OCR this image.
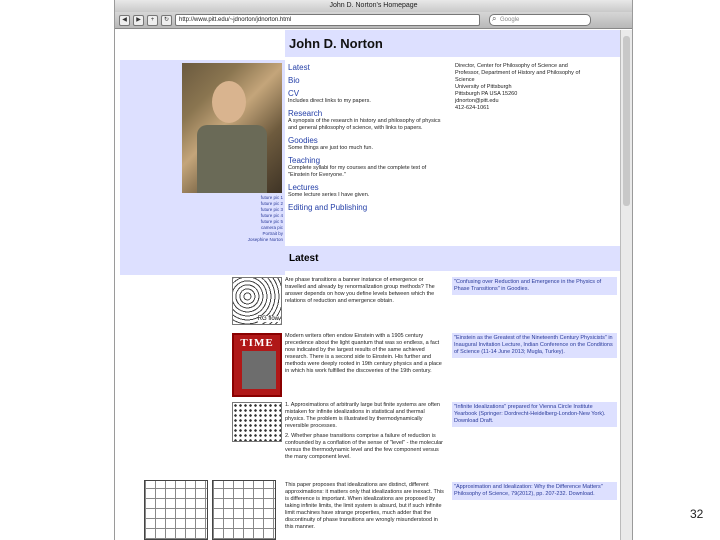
John D. Norton's Homepage
◀	▶	+	↻	http://www.pitt.edu/~jdnorton/jdnorton.html
⌕	Google
John D. Norton
future pic 1
future pic 2
future pic 3
future pic 4
future pic 5
camera pic
Portrait by
Josephine Norton
Latest
Bio
CV
Includes direct links to my papers.
Research
A synopsis of the research in history and philosophy of physics and general philosophy of science, with links to papers.
Goodies
Some things are just too much fun.
Teaching
Complete syllabi for my courses and the complete text of "Einstein for Everyone."
Lectures
Some lecture series I have given.
Editing and Publishing
Director, Center for Philosophy of Science and
Professor, Department of History and Philosophy of
Science
University of Pittsburgh
Pittsburgh PA USA 15260
jdnorton@pitt.edu
412-624-1061
Latest
RG flow
Are phase transitions a banner instance of emergence or travelled and already by renormalization group methods? The answer depends on how you define levels between which the relations of reduction and emergence obtain.
"Confusing over Reduction and Emergence in the Physics of Phase Transitions" in Goodies.
TIME
Modern writers often endow Einstein with a 1905 century precedence about the light quantum that was so endless, a fact now indicated by the largest results of the same achieved research. There is a second side to Einstein. His further and methods were deeply rooted in 19th century physics and a place in which his work fulfilled the discoveries of the 19th century.
"Einstein as the Greatest of the Nineteenth Century Physicists" in Inaugural Invitation Lecture, Indian Conference on the Conditions of Science (11-14 June 2013; Mugla, Turkey).
1. Approximations of arbitrarily large but finite systems are often mistaken for infinite idealizations in statistical and thermal physics. The problem is illustrated by thermodynamically reversible processes.
"Infinite Idealizations" prepared for Vienna Circle Institute Yearbook (Springer: Dordrecht-Heidelberg-London-New York). Download Draft.
2. Whether phase transitions comprise a failure of reduction is confounded by a conflation of the sense of "level" - the molecular versus the thermodynamic level and the few component versus the many component level.
This paper proposes that idealizations are distinct, different approximations: it matters only that idealizations are inexact. This is difference is important. When idealizations are proposed by taking infinite limits, the limit system is absurd, but if such infinite limit machines have strange properties, much adder that the discontinuity of phase transitions are wrongly misunderstood in this manner.
"Approximation and Idealization: Why the Difference Matters" Philosophy of Science, 79(2012), pp. 207-232. Download.
32
